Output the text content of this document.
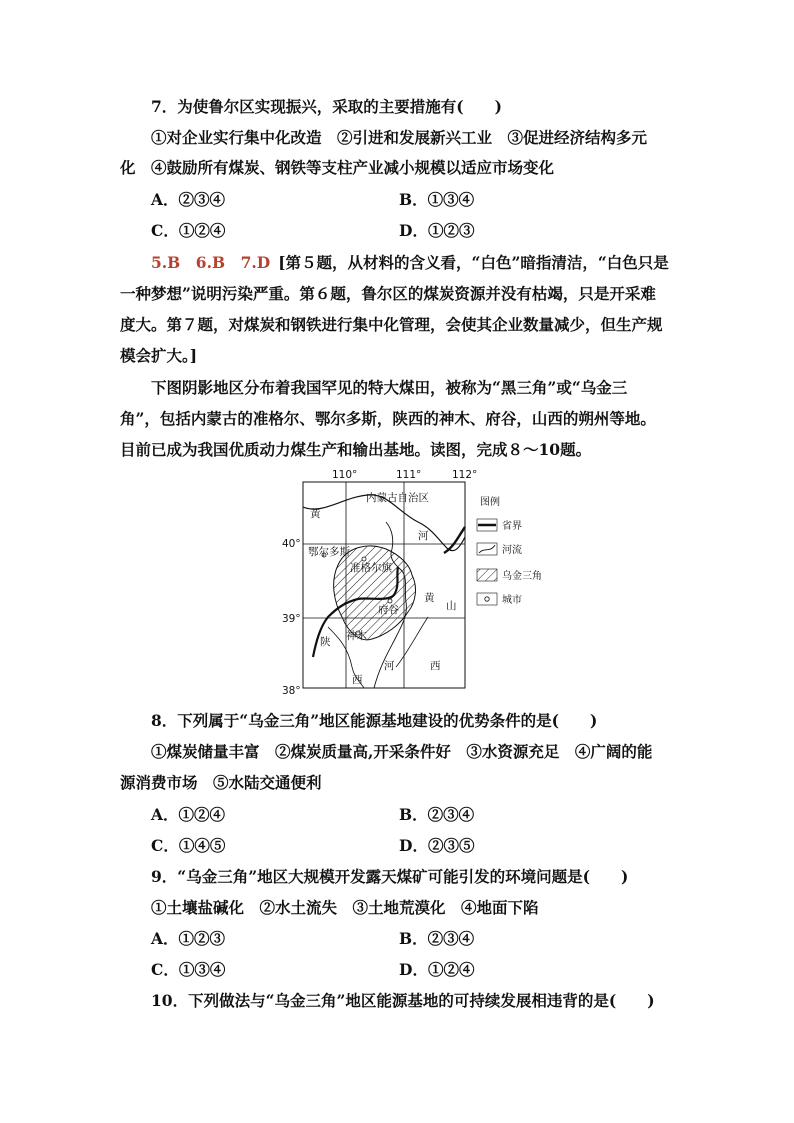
7．为使鲁尔区实现振兴，采取的主要措施有(　　)
①对企业实行集中化改造　②引进和发展新兴工业　③促进经济结构多元
化　④鼓励所有煤炭、钢铁等支柱产业减小规模以适应市场变化
A．②③④	B．①③④
C．①②④	D．①②③
5.B　6.B　7.D [第５题，从材料的含义看，“白色”暗指清洁，“白色只是
一种梦想”说明污染严重。第６题，鲁尔区的煤炭资源并没有枯竭，只是开采难
度大。第７题，对煤炭和钢铁进行集中化管理，会使其企业数量减少，但生产规
模会扩大。]
下图阴影地区分布着我国罕见的特大煤田，被称为“黑三角”或“乌金三
角”，包括内蒙古的准格尔、鄂尔多斯，陕西的神木、府谷，山西的朔州等地。
目前已成为我国优质动力煤生产和输出基地。读图，完成８～10题。
110°	111°	112°
40°
39°
38°
内蒙古自治区
鄂尔多斯
准格尔旗
府谷
神木
黄
河
黄
山
陕
河	西
西
图例
省界
河流
乌金三角
城市
8．下列属于“乌金三角”地区能源基地建设的优势条件的是(　　)
①煤炭储量丰富　②煤炭质量高,开采条件好　③水资源充足　④广阔的能
源消费市场　⑤水陆交通便利
A．①②④	B．②③④
C．①④⑤	D．②③⑤
9．“乌金三角”地区大规模开发露天煤矿可能引发的环境问题是(　　)
①土壤盐碱化　②水土流失　③土地荒漠化　④地面下陷
A．①②③	B．②③④
C．①③④	D．①②④
10．下列做法与“乌金三角”地区能源基地的可持续发展相违背的是(　　)
